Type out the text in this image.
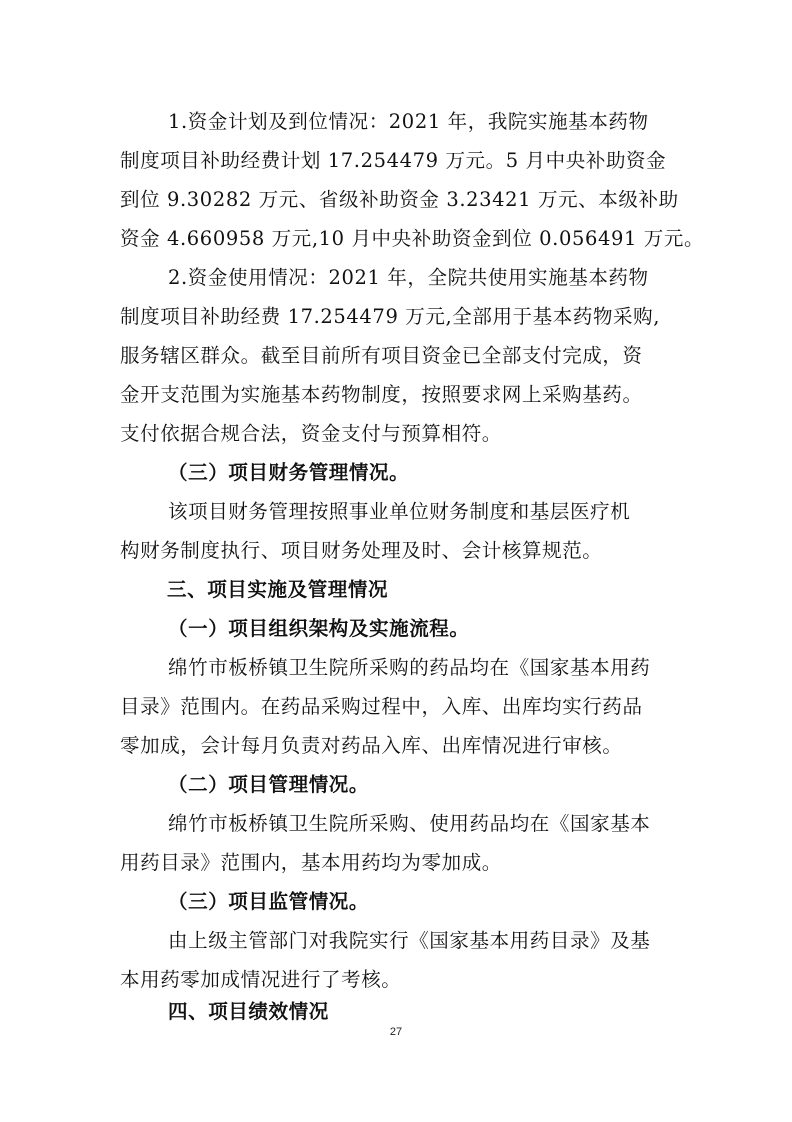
1.资金计划及到位情况：2021 年，我院实施基本药物
制度项目补助经费计划 17.254479 万元。5 月中央补助资金
到位 9.30282 万元、省级补助资金 3.23421 万元、本级补助
资金 4.660958 万元,10 月中央补助资金到位 0.056491 万元。
2.资金使用情况：2021 年，全院共使用实施基本药物
制度项目补助经费 17.254479 万元,全部用于基本药物采购,
服务辖区群众。截至目前所有项目资金已全部支付完成，资
金开支范围为实施基本药物制度，按照要求网上采购基药。
支付依据合规合法，资金支付与预算相符。
（三）项目财务管理情况。
该项目财务管理按照事业单位财务制度和基层医疗机
构财务制度执行、项目财务处理及时、会计核算规范。
三、项目实施及管理情况
（一）项目组织架构及实施流程。
绵竹市板桥镇卫生院所采购的药品均在《国家基本用药
目录》范围内。在药品采购过程中，入库、出库均实行药品
零加成，会计每月负责对药品入库、出库情况进行审核。
（二）项目管理情况。
绵竹市板桥镇卫生院所采购、使用药品均在《国家基本
用药目录》范围内，基本用药均为零加成。
（三）项目监管情况。
由上级主管部门对我院实行《国家基本用药目录》及基
本用药零加成情况进行了考核。
四、项目绩效情况
27
